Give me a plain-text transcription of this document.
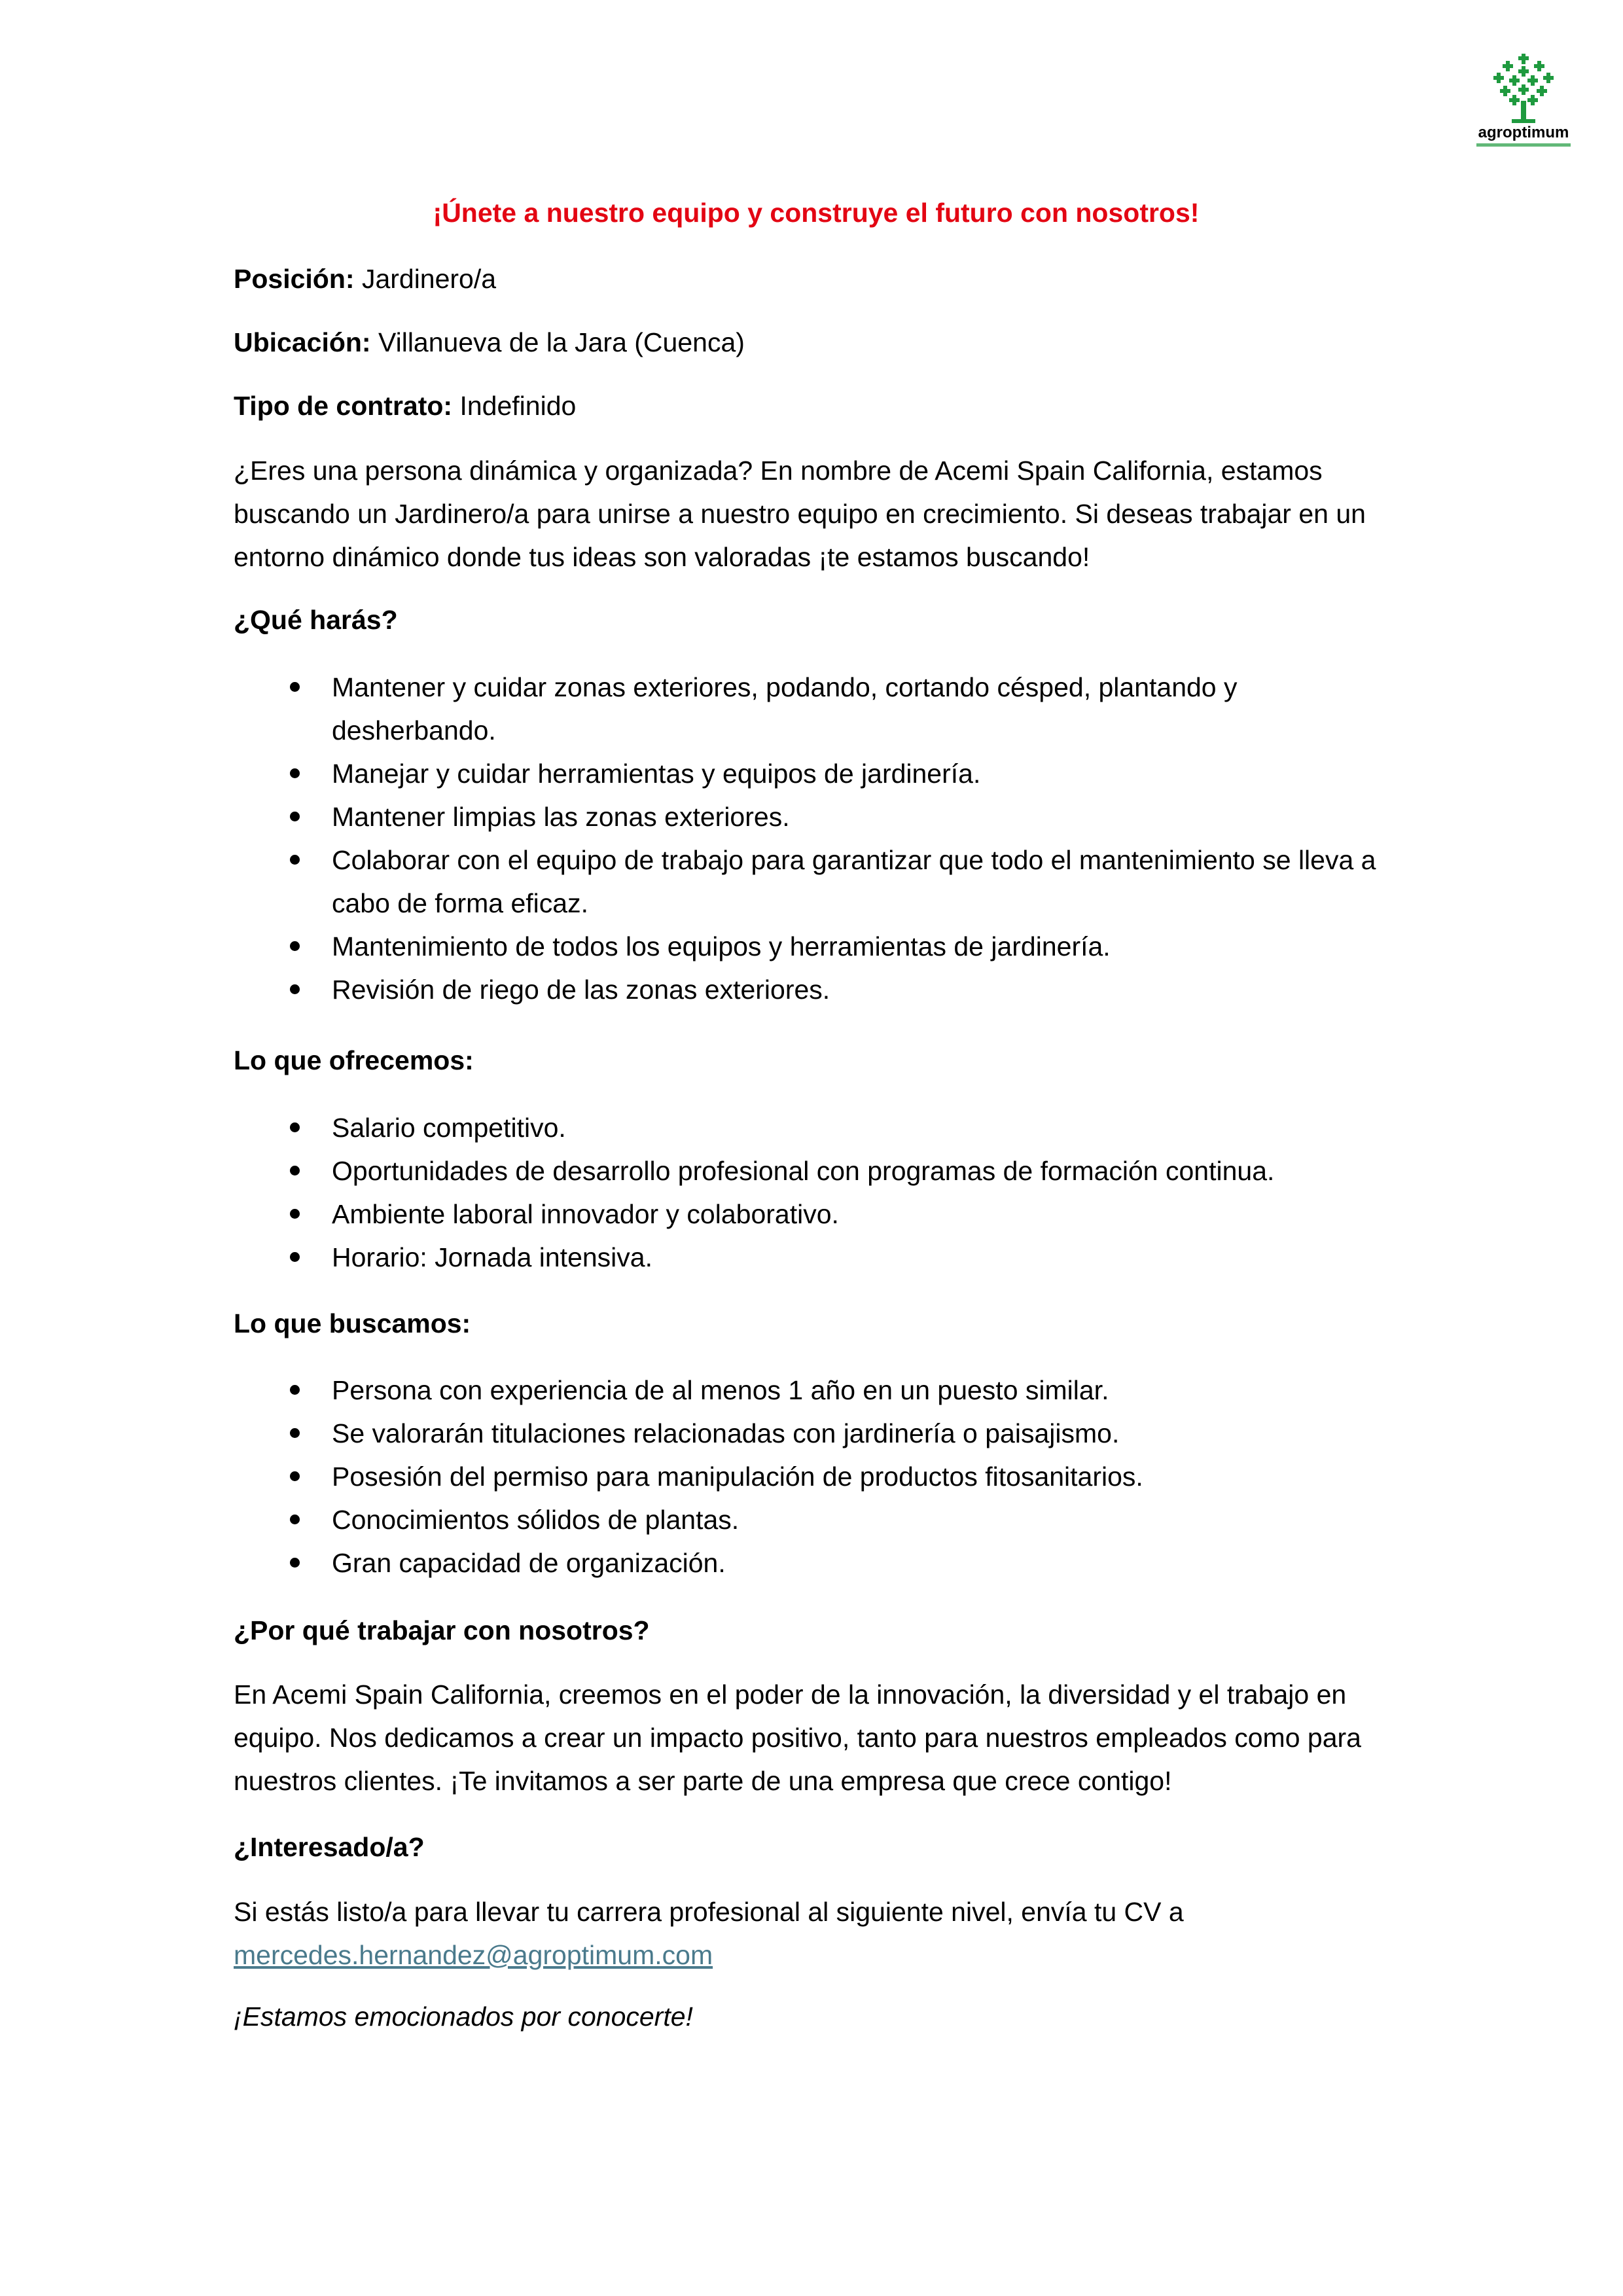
agroptimum
¡Únete a nuestro equipo y construye el futuro con nosotros!
Posición: Jardinero/a
Ubicación: Villanueva de la Jara (Cuenca)
Tipo de contrato: Indefinido
¿Eres una persona dinámica y organizada? En nombre de Acemi Spain California, estamos buscando un Jardinero/a para unirse a nuestro equipo en crecimiento. Si deseas trabajar en un entorno dinámico donde tus ideas son valoradas ¡te estamos buscando!
¿Qué harás?
Mantener y cuidar zonas exteriores, podando, cortando césped, plantando y desherbando.
Manejar y cuidar herramientas y equipos de jardinería.
Mantener limpias las zonas exteriores.
Colaborar con el equipo de trabajo para garantizar que todo el mantenimiento se lleva a cabo de forma eficaz.
Mantenimiento de todos los equipos y herramientas de jardinería.
Revisión de riego de las zonas exteriores.
Lo que ofrecemos:
Salario competitivo.
Oportunidades de desarrollo profesional con programas de formación continua.
Ambiente laboral innovador y colaborativo.
Horario: Jornada intensiva.
Lo que buscamos:
Persona con experiencia de al menos 1 año en un puesto similar.
Se valorarán titulaciones relacionadas con jardinería o paisajismo.
Posesión del permiso para manipulación de productos fitosanitarios.
Conocimientos sólidos de plantas.
Gran capacidad de organización.
¿Por qué trabajar con nosotros?
En Acemi Spain California, creemos en el poder de la innovación, la diversidad y el trabajo en equipo. Nos dedicamos a crear un impacto positivo, tanto para nuestros empleados como para nuestros clientes. ¡Te invitamos a ser parte de una empresa que crece contigo!
¿Interesado/a?
Si estás listo/a para llevar tu carrera profesional al siguiente nivel, envía tu CV a
mercedes.hernandez@agroptimum.com
¡Estamos emocionados por conocerte!
